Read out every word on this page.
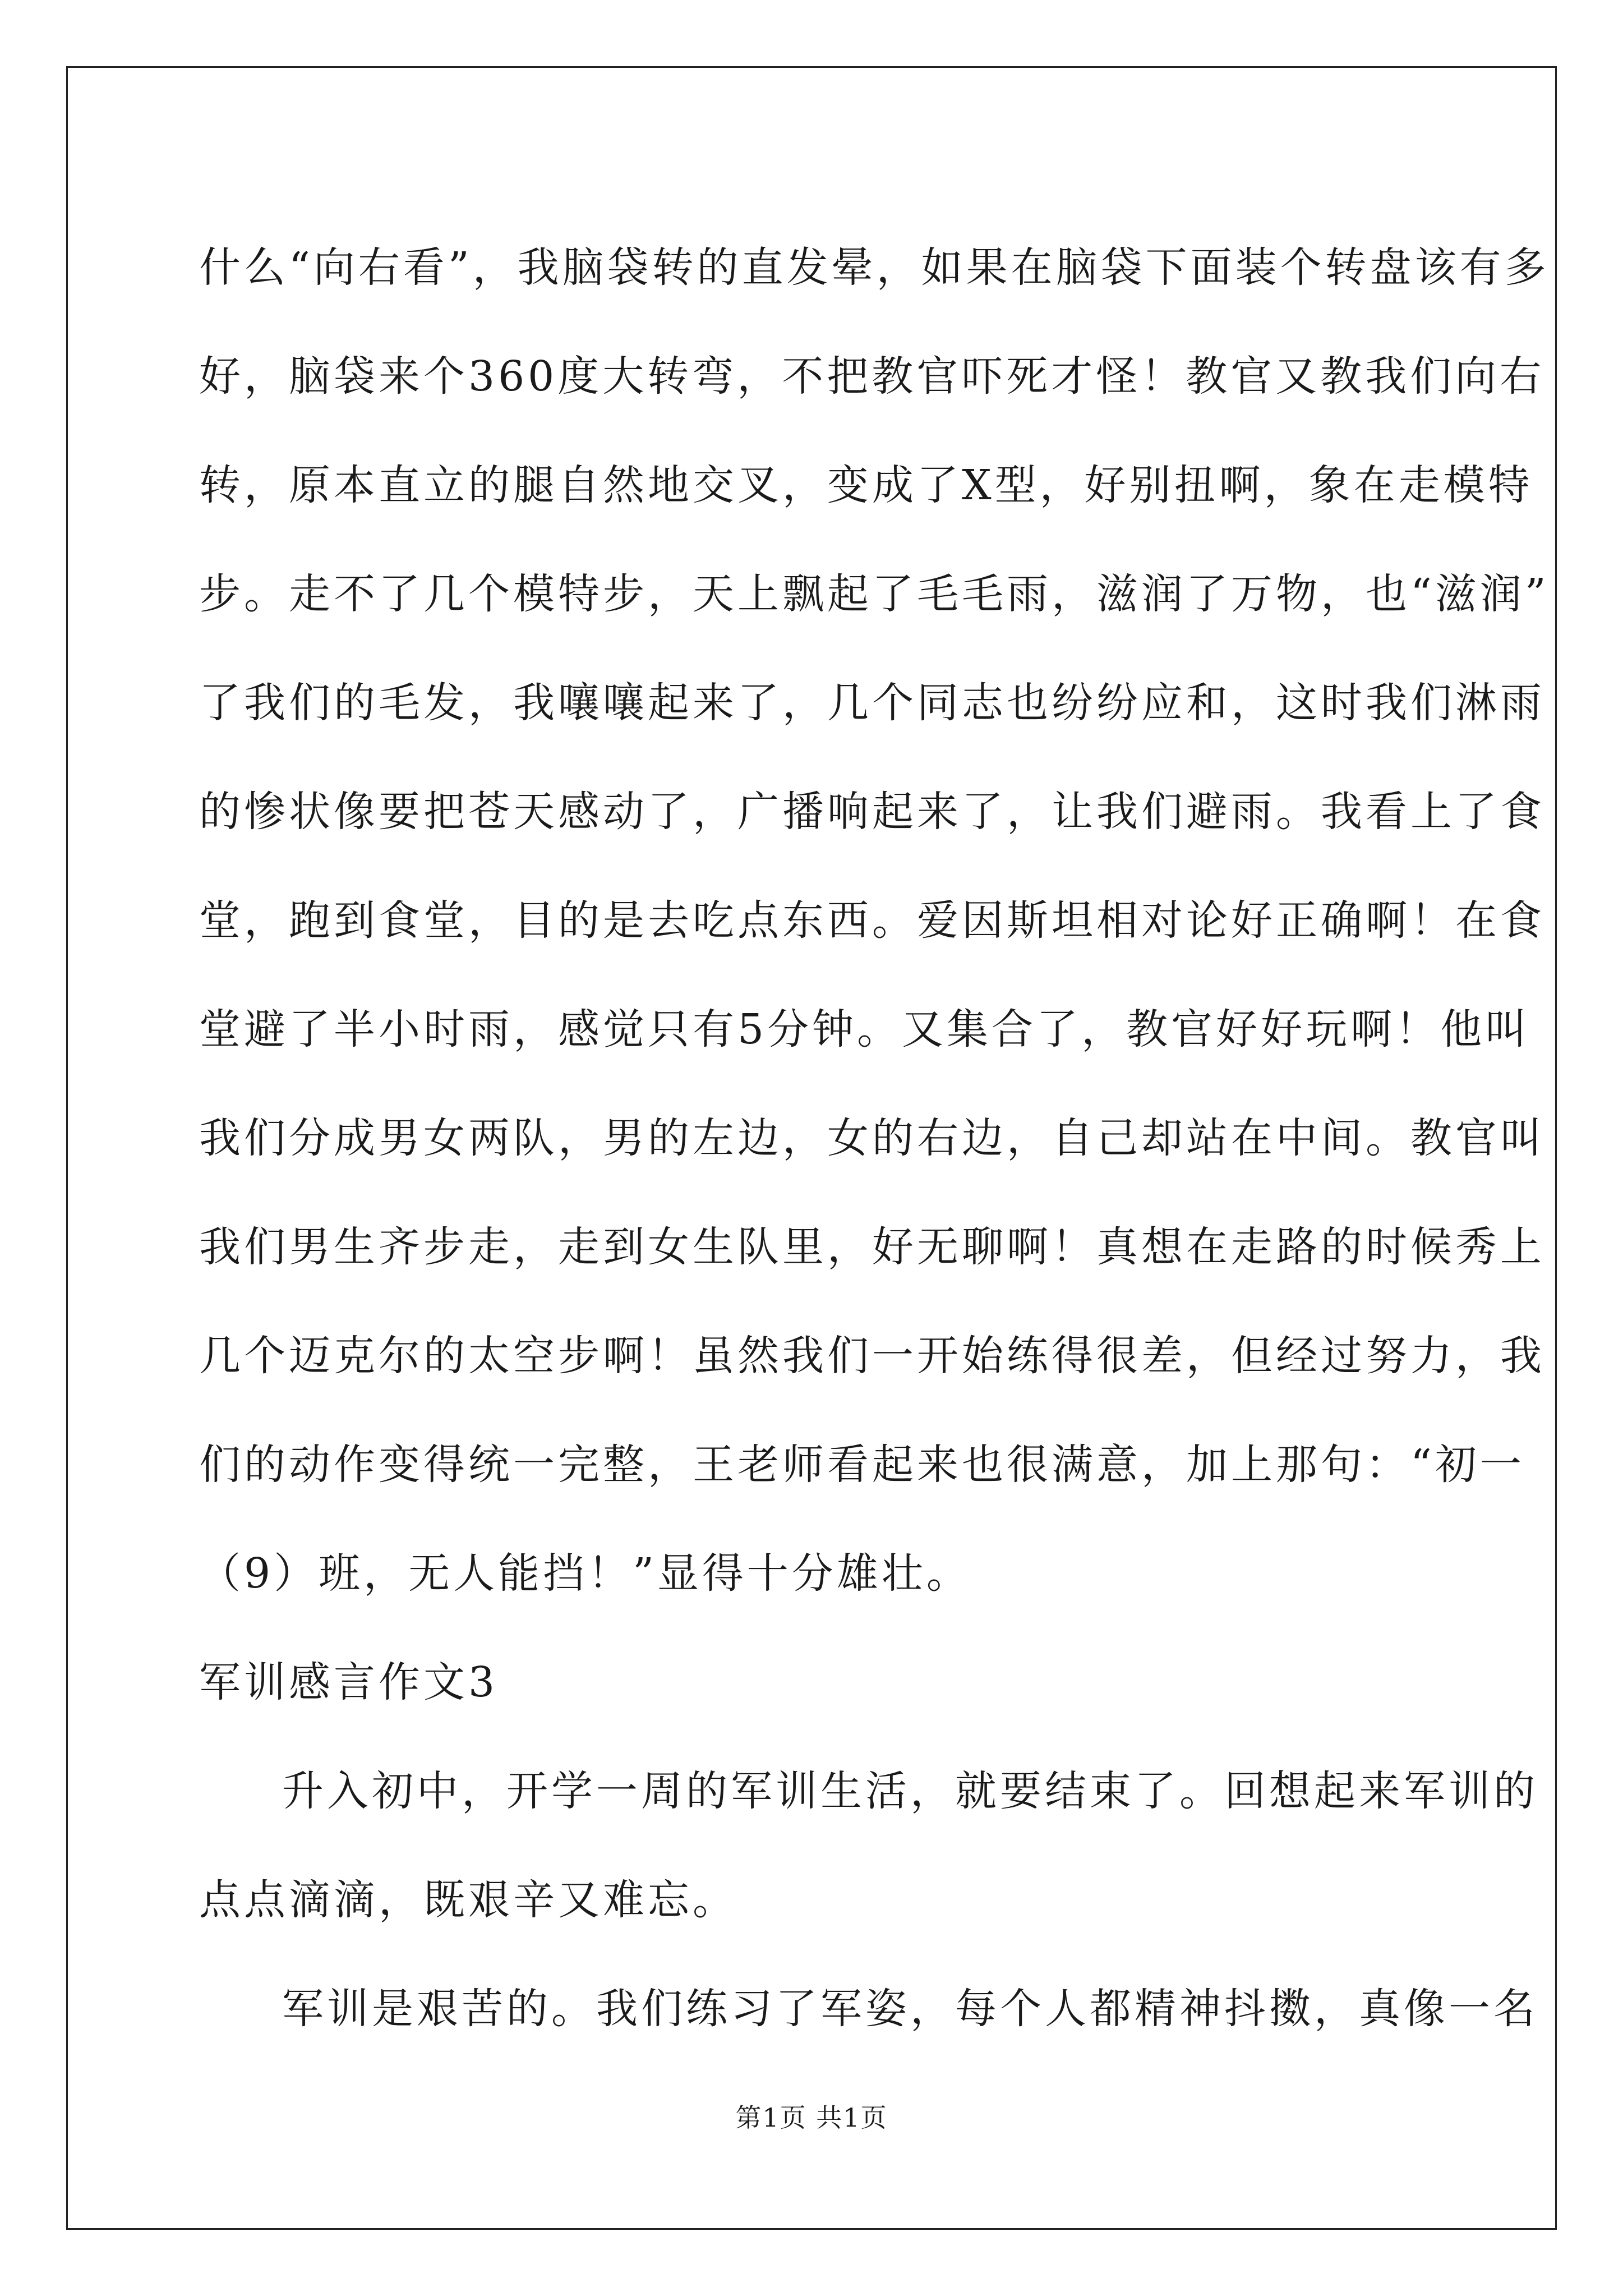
什么“向右看”，我脑袋转的直发晕，如果在脑袋下面装个转盘该有多
好，脑袋来个360度大转弯，不把教官吓死才怪！教官又教我们向右
转，原本直立的腿自然地交叉，变成了X型，好别扭啊，象在走模特
步。走不了几个模特步，天上飘起了毛毛雨，滋润了万物，也“滋润”
了我们的毛发，我嚷嚷起来了，几个同志也纷纷应和，这时我们淋雨
的惨状像要把苍天感动了，广播响起来了，让我们避雨。我看上了食
堂，跑到食堂，目的是去吃点东西。爱因斯坦相对论好正确啊！在食
堂避了半小时雨，感觉只有5分钟。又集合了，教官好好玩啊！他叫
我们分成男女两队，男的左边，女的右边，自己却站在中间。教官叫
我们男生齐步走，走到女生队里，好无聊啊！真想在走路的时候秀上
几个迈克尔的太空步啊！虽然我们一开始练得很差，但经过努力，我
们的动作变得统一完整，王老师看起来也很满意，加上那句：“初一
（9）班，无人能挡！”显得十分雄壮。
军训感言作文3
升入初中，开学一周的军训生活，就要结束了。回想起来军训的
点点滴滴，既艰辛又难忘。
军训是艰苦的。我们练习了军姿，每个人都精神抖擞，真像一名
第1页 共1页
